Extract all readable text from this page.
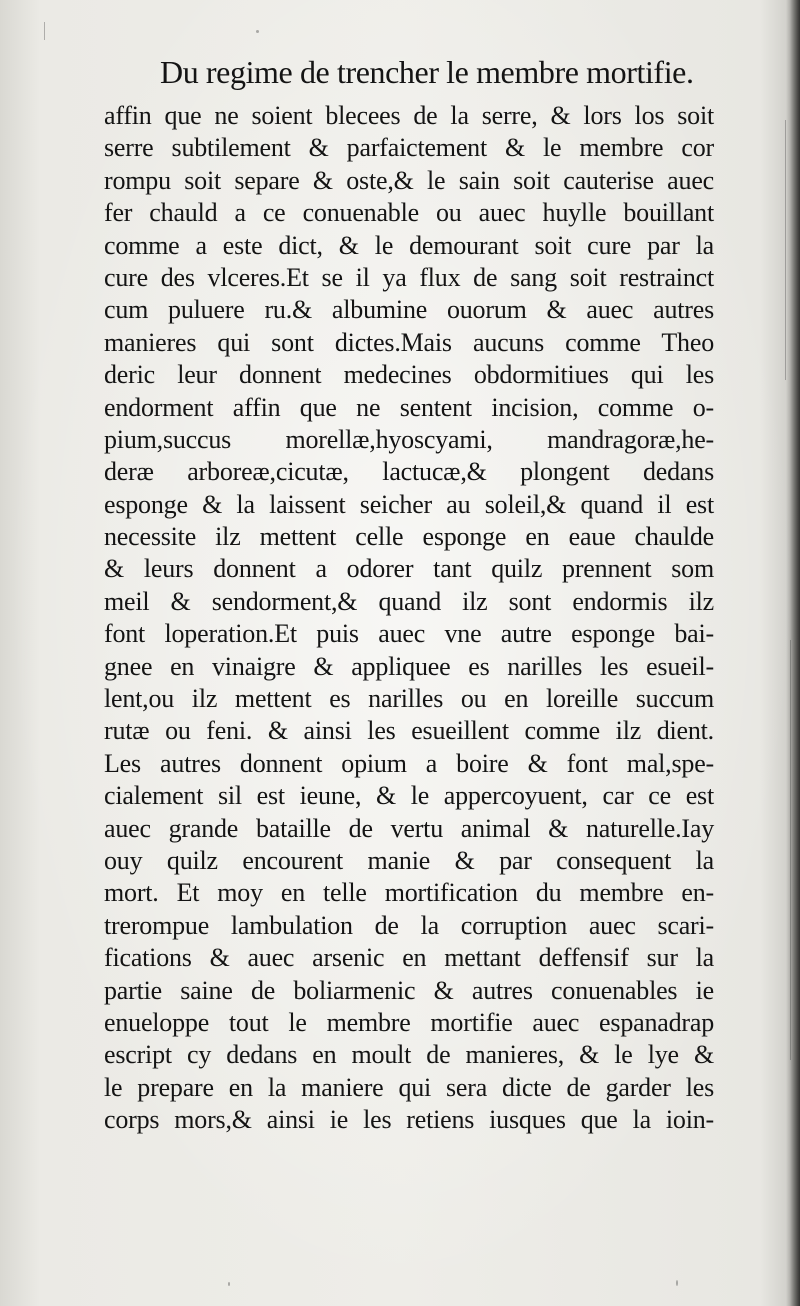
Du regime de trencher le membre mortifie.
affin que ne soient blecees de la serre, & lors los soit
serre subtilement & parfaictement & le membre cor
rompu soit separe & oste,& le sain soit cauterise auec
fer chauld a ce conuenable ou auec huylle bouillant
comme a este dict, & le demourant soit cure par la
cure des vlceres.Et se il ya flux de sang soit restrainct
cum puluere ru.& albumine ouorum & auec autres
manieres qui sont dictes.Mais aucuns comme Theo
deric leur donnent medecines obdormitiues qui les
endorment affin que ne sentent incision, comme o-
pium,succus morellæ,hyoscyami, mandragoræ,he-
deræ arboreæ,cicutæ, lactucæ,& plongent dedans
esponge & la laissent seicher au soleil,& quand il est
necessite ilz mettent celle esponge en eaue chaulde
& leurs donnent a odorer tant quilz prennent som
meil & sendorment,& quand ilz sont endormis ilz
font loperation.Et puis auec vne autre esponge bai-
gnee en vinaigre & appliquee es narilles les esueil-
lent,ou ilz mettent es narilles ou en loreille succum
rutæ ou feni. & ainsi les esueillent comme ilz dient.
Les autres donnent opium a boire & font mal,spe-
cialement sil est ieune, & le appercoyuent, car ce est
auec grande bataille de vertu animal & naturelle.Iay
ouy quilz encourent manie & par consequent la
mort. Et moy en telle mortification du membre en-
trerompue lambulation de la corruption auec scari-
fications & auec arsenic en mettant deffensif sur la
partie saine de boliarmenic & autres conuenables ie
enueloppe tout le membre mortifie auec espanadrap
escript cy dedans en moult de manieres, & le lye &
le prepare en la maniere qui sera dicte de garder les
corps mors,& ainsi ie les retiens iusques que la ioin-
